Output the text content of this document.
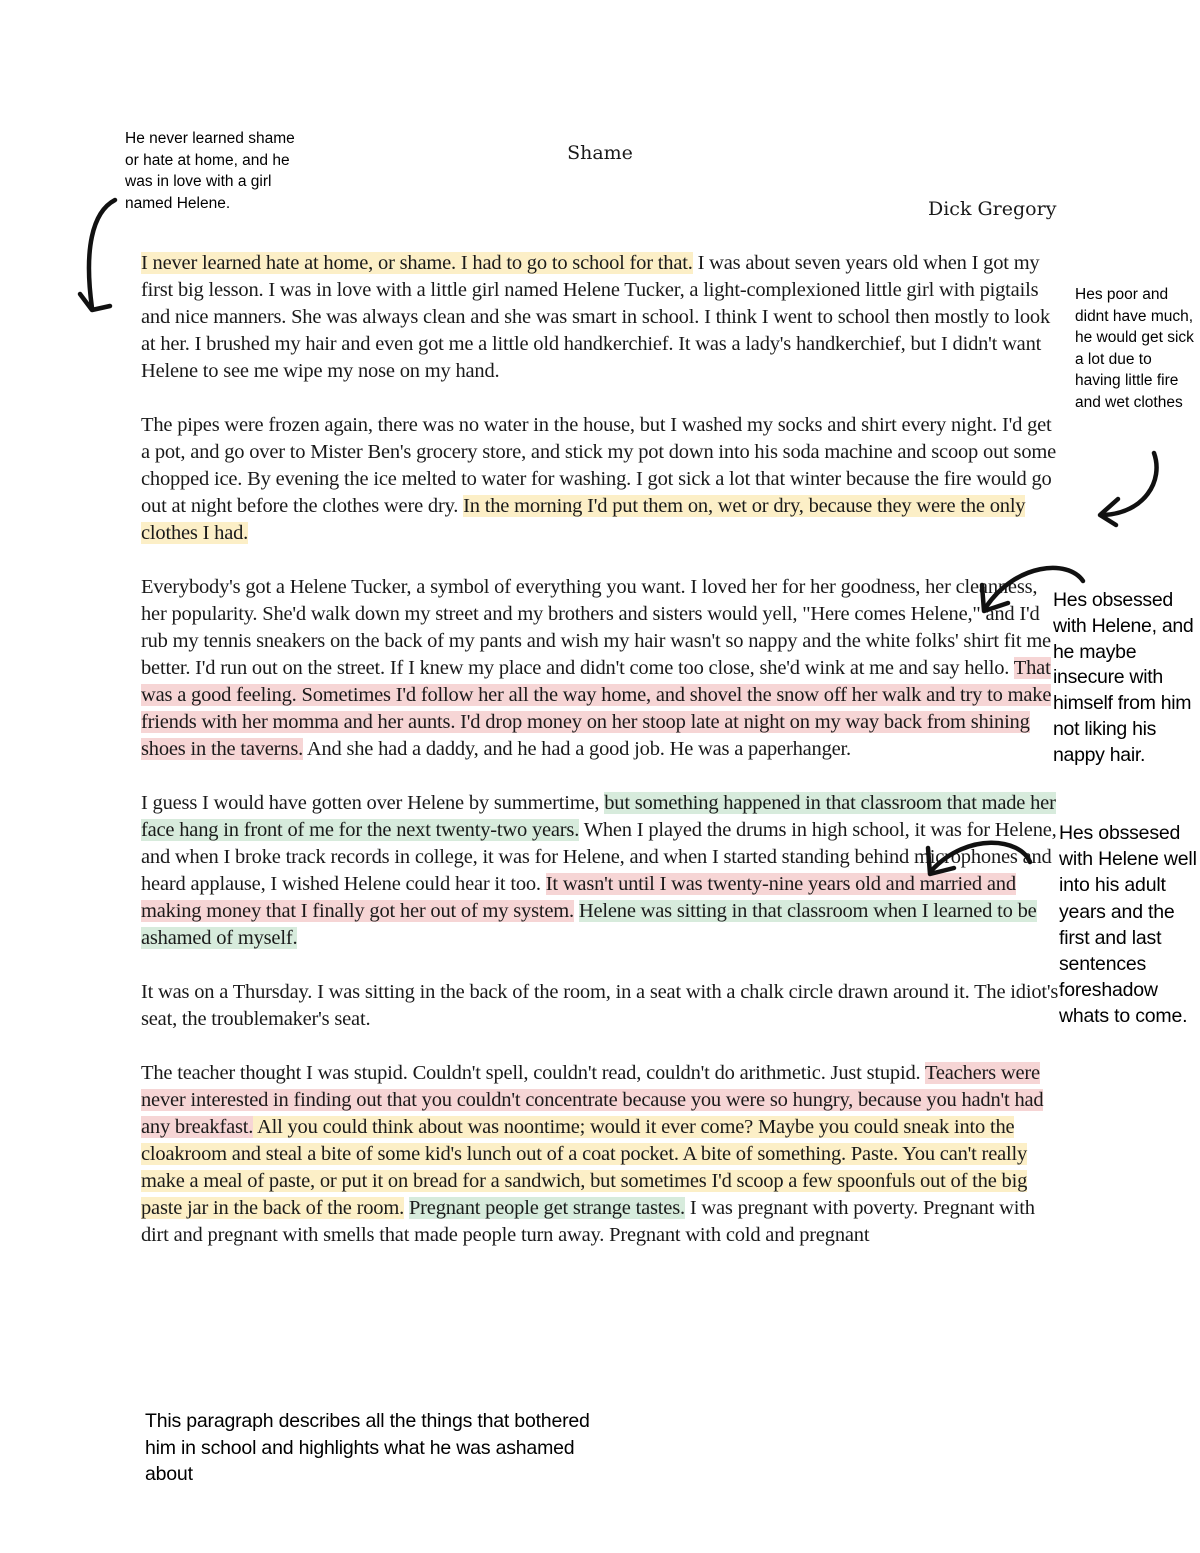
Shame
Dick Gregory

I never learned hate at home, or shame. I had to go to school for that. I was about seven years old when I got my first big lesson. I was in love with a little girl named Helene Tucker, a light-complexioned little girl with pigtails and nice manners. She was always clean and she was smart in school. I think I went to school then mostly to look at her. I brushed my hair and even got me a little old handkerchief. It was a lady's handkerchief, but I didn't want Helene to see me wipe my nose on my hand.

The pipes were frozen again, there was no water in the house, but I washed my socks and shirt every night. I'd get a pot, and go over to Mister Ben's grocery store, and stick my pot down into his soda machine and scoop out some chopped ice. By evening the ice melted to water for washing. I got sick a lot that winter because the fire would go out at night before the clothes were dry. In the morning I'd put them on, wet or dry, because they were the only clothes I had.

Everybody's got a Helene Tucker, a symbol of everything you want. I loved her for her goodness, her cleanness, her popularity. She'd walk down my street and my brothers and sisters would yell, "Here comes Helene," and I'd rub my tennis sneakers on the back of my pants and wish my hair wasn't so nappy and the white folks' shirt fit me better. I'd run out on the street. If I knew my place and didn't come too close, she'd wink at me and say hello. That was a good feeling. Sometimes I'd follow her all the way home, and shovel the snow off her walk and try to make friends with her momma and her aunts. I'd drop money on her stoop late at night on my way back from shining shoes in the taverns. And she had a daddy, and he had a good job. He was a paperhanger.

I guess I would have gotten over Helene by summertime, but something happened in that classroom that made her face hang in front of me for the next twenty-two years. When I played the drums in high school, it was for Helene, and when I broke track records in college, it was for Helene, and when I started standing behind microphones and heard applause, I wished Helene could hear it too. It wasn't until I was twenty-nine years old and married and making money that I finally got her out of my system. Helene was sitting in that classroom when I learned to be ashamed of myself.

It was on a Thursday. I was sitting in the back of the room, in a seat with a chalk circle drawn around it. The idiot's seat, the troublemaker's seat.

The teacher thought I was stupid. Couldn't spell, couldn't read, couldn't do arithmetic. Just stupid. Teachers were never interested in finding out that you couldn't concentrate because you were so hungry, because you hadn't had any breakfast. All you could think about was noontime; would it ever come? Maybe you could sneak into the cloakroom and steal a bite of some kid's lunch out of a coat pocket. A bite of something. Paste. You can't really make a meal of paste, or put it on bread for a sandwich, but sometimes I'd scoop a few spoonfuls out of the big paste jar in the back of the room. Pregnant people get strange tastes. I was pregnant with poverty. Pregnant with dirt and pregnant with smells that made people turn away. Pregnant with cold and pregnant

He never learned shame or hate at home, and he was in love with a girl named Helene.
Hes poor and didnt have much, he would get sick a lot due to having little fire and wet clothes
Hes obsessed with Helene, and he maybe insecure with himself from him not liking his nappy hair.
Hes obssesed with Helene well into his adult years and the first and last sentences foreshadow whats to come.
This paragraph describes all the things that bothered him in school and highlights what he was ashamed about
